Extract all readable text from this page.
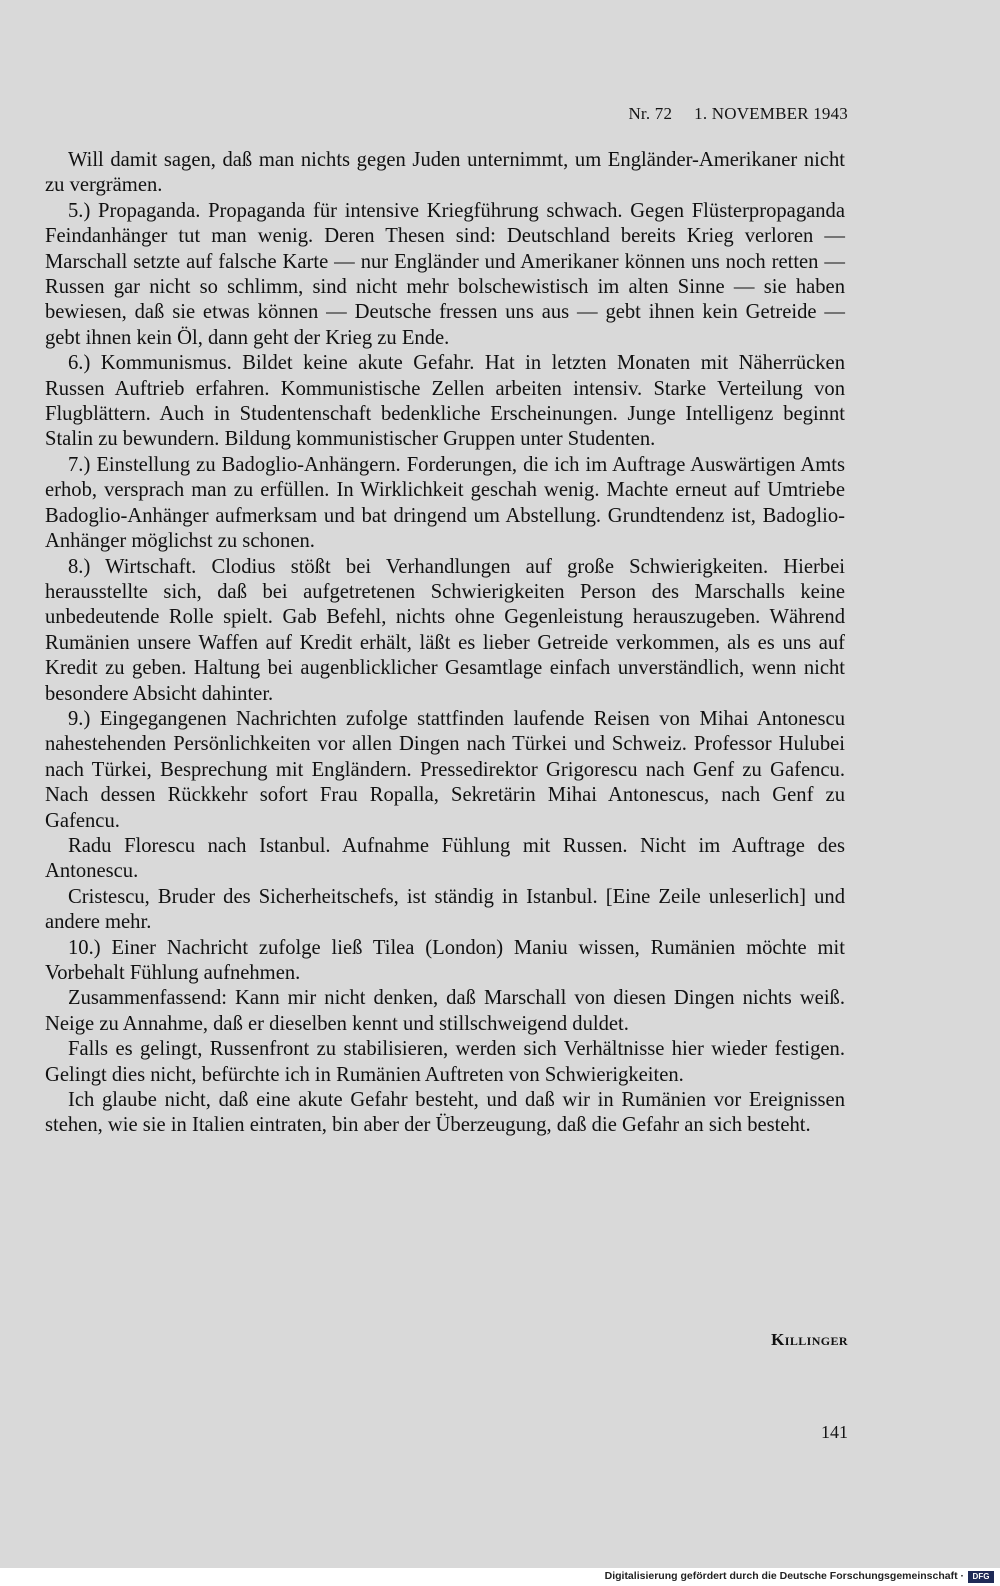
Nr. 72 1. NOVEMBER 1943

Will damit sagen, daß man nichts gegen Juden unternimmt, um Engländer-Amerikaner nicht zu vergrämen.

5.) Propaganda. Propaganda für intensive Kriegführung schwach. Gegen Flüsterpropaganda Feindanhänger tut man wenig. Deren Thesen sind: Deutschland bereits Krieg verloren — Marschall setzte auf falsche Karte — nur Engländer und Amerikaner können uns noch retten — Russen gar nicht so schlimm, sind nicht mehr bolschewistisch im alten Sinne — sie haben bewiesen, daß sie etwas können — Deutsche fressen uns aus — gebt ihnen kein Getreide — gebt ihnen kein Öl, dann geht der Krieg zu Ende.

6.) Kommunismus. Bildet keine akute Gefahr. Hat in letzten Monaten mit Näherrücken Russen Auftrieb erfahren. Kommunistische Zellen arbeiten intensiv. Starke Verteilung von Flugblättern. Auch in Studentenschaft bedenkliche Erscheinungen. Junge Intelligenz beginnt Stalin zu bewundern. Bildung kommunistischer Gruppen unter Studenten.

7.) Einstellung zu Badoglio-Anhängern. Forderungen, die ich im Auftrage Auswärtigen Amts erhob, versprach man zu erfüllen. In Wirklichkeit geschah wenig. Machte erneut auf Umtriebe Badoglio-Anhänger aufmerksam und bat dringend um Abstellung. Grundtendenz ist, Badoglio-Anhänger möglichst zu schonen.

8.) Wirtschaft. Clodius stößt bei Verhandlungen auf große Schwierigkeiten. Hierbei herausstellte sich, daß bei aufgetretenen Schwierigkeiten Person des Marschalls keine unbedeutende Rolle spielt. Gab Befehl, nichts ohne Gegenleistung herauszugeben. Während Rumänien unsere Waffen auf Kredit erhält, läßt es lieber Getreide verkommen, als es uns auf Kredit zu geben. Haltung bei augenblicklicher Gesamtlage einfach unverständlich, wenn nicht besondere Absicht dahinter.

9.) Eingegangenen Nachrichten zufolge stattfinden laufende Reisen von Mihai Antonescu nahestehenden Persönlichkeiten vor allen Dingen nach Türkei und Schweiz. Professor Hulubei nach Türkei, Besprechung mit Engländern. Pressedirektor Grigorescu nach Genf zu Gafencu. Nach dessen Rückkehr sofort Frau Ropalla, Sekretärin Mihai Antonescus, nach Genf zu Gafencu.

Radu Florescu nach Istanbul. Aufnahme Fühlung mit Russen. Nicht im Auftrage des Antonescu.

Cristescu, Bruder des Sicherheitschefs, ist ständig in Istanbul. [Eine Zeile unleserlich] und andere mehr.

10.) Einer Nachricht zufolge ließ Tilea (London) Maniu wissen, Rumänien möchte mit Vorbehalt Fühlung aufnehmen.

Zusammenfassend: Kann mir nicht denken, daß Marschall von diesen Dingen nichts weiß. Neige zu Annahme, daß er dieselben kennt und stillschweigend duldet.

Falls es gelingt, Russenfront zu stabilisieren, werden sich Verhältnisse hier wieder festigen. Gelingt dies nicht, befürchte ich in Rumänien Auftreten von Schwierigkeiten.

Ich glaube nicht, daß eine akute Gefahr besteht, und daß wir in Rumänien vor Ereignissen stehen, wie sie in Italien eintraten, bin aber der Überzeugung, daß die Gefahr an sich besteht.

Killinger
141
Digitalisierung gefördert durch die Deutsche Forschungsgemeinschaft ·	DFG
